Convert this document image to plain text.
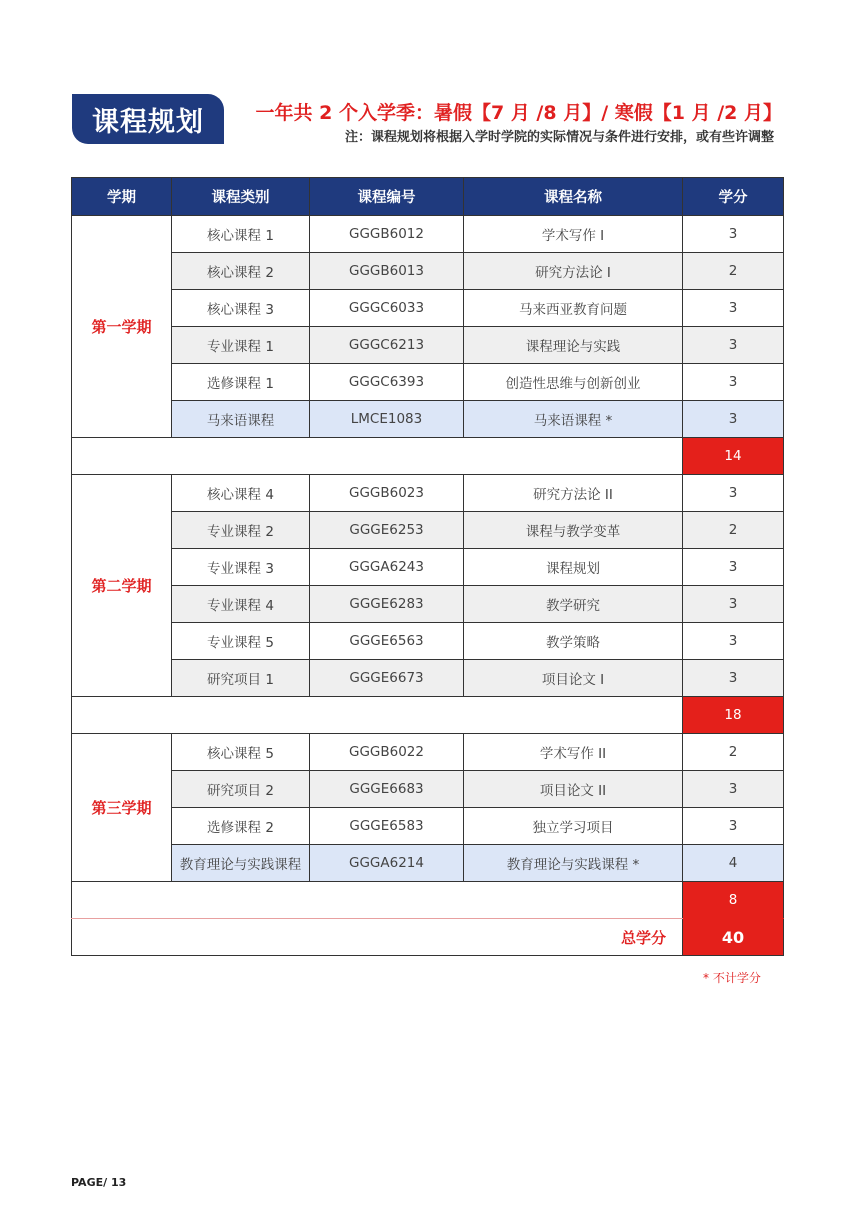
课程规划	一年共 2 个入学季：暑假【7 月 /8 月】/ 寒假【1 月 /2 月】
注：课程规划将根据入学时学院的实际情况与条件进行安排，或有些许调整
学期	课程类别	课程编号	课程名称	学分
第一学期	核心课程 1	GGGB6012	学术写作 I	3
	核心课程 2	GGGB6013	研究方法论 I	2
	核心课程 3	GGGC6033	马来西亚教育问题	3
	专业课程 1	GGGC6213	课程理论与实践	3
	选修课程 1	GGGC6393	创造性思维与创新创业	3
	马来语课程	LMCE1083	马来语课程 *	3
				14
第二学期	核心课程 4	GGGB6023	研究方法论 II	3
	专业课程 2	GGGE6253	课程与教学变革	2
	专业课程 3	GGGA6243	课程规划	3
	专业课程 4	GGGE6283	教学研究	3
	专业课程 5	GGGE6563	教学策略	3
	研究项目 1	GGGE6673	项目论文 I	3
				18
第三学期	核心课程 5	GGGB6022	学术写作 II	2
	研究项目 2	GGGE6683	项目论文 II	3
	选修课程 2	GGGE6583	独立学习项目	3
	教育理论与实践课程	GGGA6214	教育理论与实践课程 *	4
				8
总学分				40
* 不计学分
PAGE/ 13
